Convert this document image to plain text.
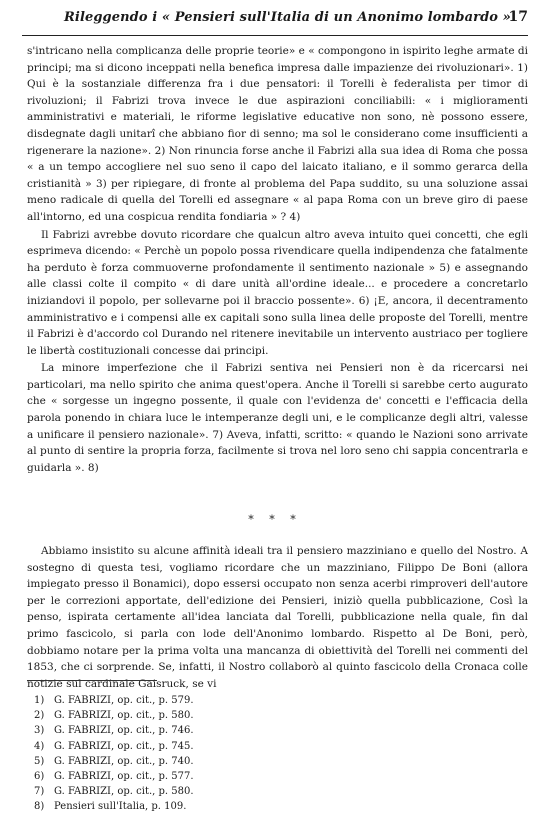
Rileggendo i « Pensieri sull'Italia di un Anonimo lombardo »
17

s'intricano nella complicanza delle proprie teorie» e « compongono in ispirito leghe armate di principi; ma si dicono inceppati nella benefica impresa dalle impazienze dei rivoluzionari». 1) Qui è la sostanziale differenza fra i due pensatori: il Torelli è federalista per timor di rivoluzioni; il Fabrizi trova invece le due aspirazioni conciliabili: « i miglioramenti amministrativi e materiali, le riforme legislative educative non sono, nè possono essere, disdegnate dagli unitarî che abbiano fior di senno; ma sol le considerano come insufficienti a rigenerare la nazione». 2) Non rinuncia forse anche il Fabrizi alla sua idea di Roma che possa « a un tempo accogliere nel suo seno il capo del laicato italiano, e il sommo gerarca della cristianità » 3) per ripiegare, di fronte al problema del Papa suddito, su una soluzione assai meno radicale di quella del Torelli ed assegnare « al papa Roma con un breve giro di paese all'intorno, ed una cospicua rendita fondiaria » ? 4)

Il Fabrizi avrebbe dovuto ricordare che qualcun altro aveva intuito quei concetti, che egli esprimeva dicendo: « Perchè un popolo possa rivendicare quella indipendenza che fatalmente ha perduto è forza commuoverne profondamente il sentimento nazionale » 5) e assegnando alle classi colte il compito « di dare unità all'ordine ideale... e procedere a concretarlo iniziandovi il popolo, per sollevarne poi il braccio possente». 6) ¡E, ancora, il decentramento amministrativo e i compensi alle ex capitali sono sulla linea delle proposte del Torelli, mentre il Fabrizi è d'accordo col Durando nel ritenere inevitabile un intervento austriaco per togliere le libertà costituzionali concesse dai principi.

La minore imperfezione che il Fabrizi sentiva nei Pensieri non è da ricercarsi nei particolari, ma nello spirito che anima quest'opera. Anche il Torelli si sarebbe certo augurato che « sorgesse un ingegno possente, il quale con l'evidenza de' concetti e l'efficacia della parola ponendo in chiara luce le intemperanze degli uni, e le complicanze degli altri, valesse a unificare il pensiero nazionale». 7) Aveva, infatti, scritto: « quando le Nazioni sono arrivate al punto di sentire la propria forza, facilmente si trova nel loro seno chi sappia concentrarla e guidarla ». 8)

* * *

Abbiamo insistito su alcune affinità ideali tra il pensiero mazziniano e quello del Nostro. A sostegno di questa tesi, vogliamo ricordare che un mazziniano, Filippo De Boni (allora impiegato presso il Bonamici), dopo essersi occupato non senza acerbi rimproveri dell'autore per le correzioni apportate, dell'edizione dei Pensieri, iniziò quella pubblicazione, Così la penso, ispirata certamente all'idea lanciata dal Torelli, pubblicazione nella quale, fin dal primo fascicolo, si parla con lode dell'Anonimo lombardo. Rispetto al De Boni, però, dobbiamo notare per la prima volta una mancanza di obiettività del Torelli nei commenti del 1853, che ci sorprende. Se, infatti, il Nostro collaborò al quinto fascicolo della Cronaca colle notizie sul cardinale Gaisruck, se vi

1) G. FABRIZI, op. cit., p. 579.
2) G. FABRIZI, op. cit., p. 580.
3) G. FABRIZI, op. cit., p. 746.
4) G. FABRIZI, op. cit., p. 745.
5) G. FABRIZI, op. cit., p. 740.
6) G. FABRIZI, op. cit., p. 577.
7) G. FABRIZI, op. cit., p. 580.
8) Pensieri sull'Italia, p. 109.
